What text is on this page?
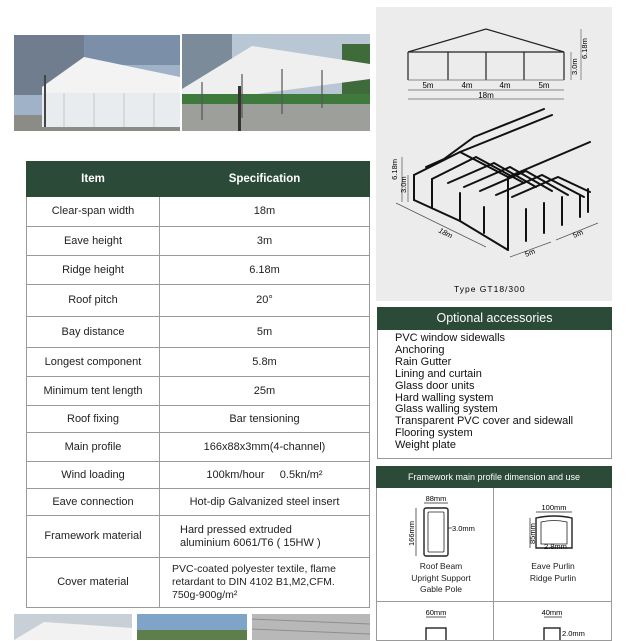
Item	Specification
Clear-span width	18m
Eave height	3m
Ridge height	6.18m
Roof pitch	20°
Bay distance	5m
Longest component	5.8m
Minimum tent length	25m
Roof fixing	Bar tensioning
Main profile	166x88x3mm(4-channel)
Wind loading	100km/hour     0.5kn/m²
Eave connection	Hot-dip Galvanized steel insert
Framework material	Hard pressed extruded
aluminium 6061/T6 ( 15HW )
Cover material	PVC-coated polyester textile, flame
retardant to DIN 4102 B1,M2,CFM.
750g-900g/m²
5m	4m	4m	5m
18m
3.0m
6.18m
6.18m
3.0m
18m
5m
5m
Type GT18/300
Optional accessories
PVC window sidewalls
Anchoring
Rain Gutter
Lining and curtain
Glass door units
Hard walling system
Glass walling system
Transparent PVC cover and sidewall
Flooring system
Weight plate
Framework main profile dimension and use
88mm
166mm	3.0mm
100mm
85mm
2.8mm
60mm	40mm
2.0mm
Roof Beam
Upright Support
Gable Pole
Eave Purlin
Ridge Purlin
